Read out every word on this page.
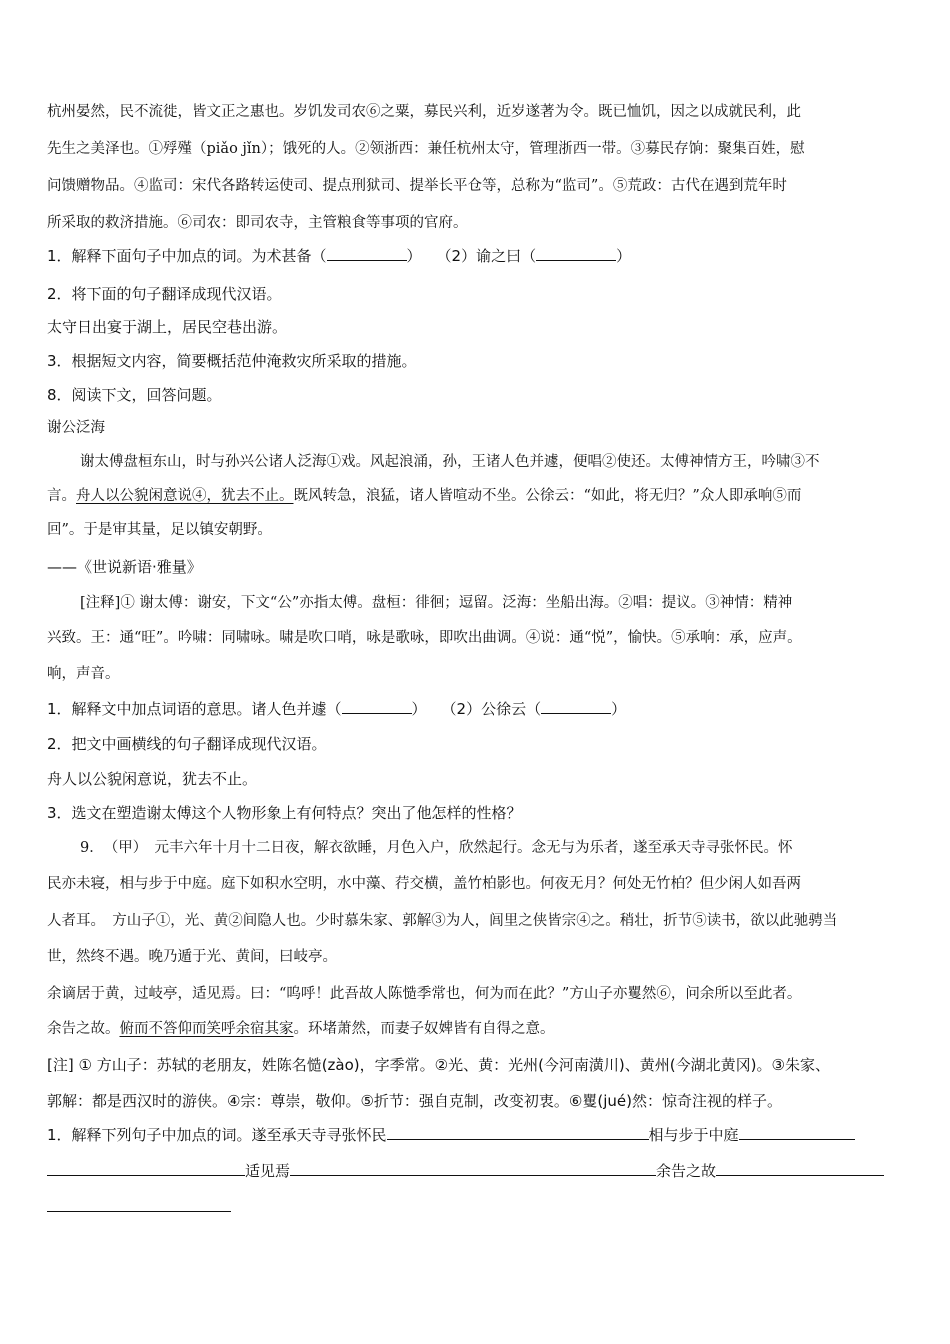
杭州晏然，民不流徙，皆文正之惠也。岁饥发司农⑥之粟，募民兴利，近岁遂著为令。既已恤饥，因之以成就民利，此
先生之美泽也。①殍殣（piǎo jǐn）；饿死的人。②领浙西：兼任杭州太守，管理浙西一带。③募民存饷：聚集百姓，慰
问馈赠物品。④监司：宋代各路转运使司、提点刑狱司、提举长平仓等，总称为“监司”。⑤荒政：古代在遇到荒年时
所采取的救济措施。⑥司农：即司农寺，主管粮食等事项的官府。
1．解释下面句子中加点的词。为术甚备（	）　　（2）谕之曰（	）
2．将下面的句子翻译成现代汉语。
太守日出宴于湖上，居民空巷出游。
3．根据短文内容，简要概括范仲淹救灾所采取的措施。
8．阅读下文，回答问题。
谢公泛海
谢太傅盘桓东山，时与孙兴公诸人泛海①戏。风起浪涌，孙，王诸人色并遽，便唱②使还。太傅神情方王，吟啸③不
言。舟人以公貌闲意说④，犹去不止。既风转急，浪猛，诸人皆喧动不坐。公徐云：“如此，将无归？”众人即承响⑤而
回”。于是审其量，足以镇安朝野。
——《世说新语·雅量》
[注释]① 谢太傅：谢安，下文“公”亦指太傅。盘桓：徘徊；逗留。泛海：坐船出海。②唱：提议。③神情：精神
兴致。王：通“旺”。吟啸：同啸咏。啸是吹口哨，咏是歌咏，即吹出曲调。④说：通“悦”，愉快。⑤承响：承，应声。
响，声音。
1．解释文中加点词语的意思。诸人色并遽（	）　　（2）公徐云（	）
2．把文中画横线的句子翻译成现代汉语。
舟人以公貌闲意说，犹去不止。
3．选文在塑造谢太傅这个人物形象上有何特点？突出了他怎样的性格？
9．　（甲）　元丰六年十月十二日夜，解衣欲睡，月色入户，欣然起行。念无与为乐者，遂至承天寺寻张怀民。怀
民亦未寝，相与步于中庭。庭下如积水空明，水中藻、荇交横，盖竹柏影也。何夜无月？何处无竹柏？但少闲人如吾两
人者耳。　方山子①，光、黄②间隐人也。少时慕朱家、郭解③为人，闾里之侠皆宗④之。稍壮，折节⑤读书，欲以此驰骋当
世，然终不遇。晚乃遁于光、黄间，曰岐亭。
余谪居于黄，过岐亭，适见焉。曰：“呜呼！此吾故人陈慥季常也，何为而在此？”方山子亦矍然⑥，问余所以至此者。
余告之故。俯而不答仰而笑呼余宿其家。环堵萧然，而妻子奴婢皆有自得之意。
[注] ① 方山子：苏轼的老朋友，姓陈名慥(zào)，字季常。②光、黄：光州(今河南潢川)、黄州(今湖北黄冈)。③朱家、
郭解：都是西汉时的游侠。④宗：尊崇，敬仰。⑤折节：强自克制，改变初衷。⑥矍(jué)然：惊奇注视的样子。
1．解释下列句子中加点的词。遂至承天寺寻张怀民	相与步于中庭
适见焉	余告之故
